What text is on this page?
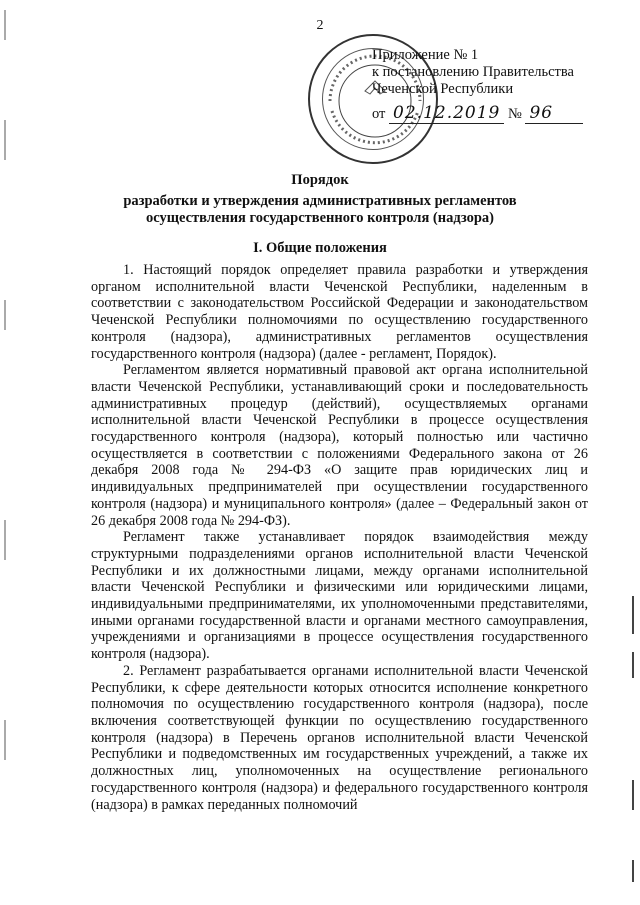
2
Приложение № 1
к постановлению Правительства
Чеченской Республики
от 02.12.2019 № 96
Порядок
разработки и утверждения административных регламентов
осуществления государственного контроля (надзора)
I. Общие положения

1. Настоящий порядок определяет правила разработки и утверждения органом исполнительной власти Чеченской Республики, наделенным в соответствии с законодательством Российской Федерации и законодательством Чеченской Республики полномочиями по осуществлению государственного контроля (надзора), административных регламентов осуществления государственного контроля (надзора) (далее - регламент, Порядок).

Регламентом является нормативный правовой акт органа исполнительной власти Чеченской Республики, устанавливающий сроки и последовательность административных процедур (действий), осуществляемых органами исполнительной власти Чеченской Республики в процессе осуществления государственного контроля (надзора), который полностью или частично осуществляется в соответствии с положениями Федерального закона от 26 декабря 2008 года № 294-ФЗ «О защите прав юридических лиц и индивидуальных предпринимателей при осуществлении государственного контроля (надзора) и муниципального контроля» (далее – Федеральный закон от 26 декабря 2008 года № 294-ФЗ).

Регламент также устанавливает порядок взаимодействия между структурными подразделениями органов исполнительной власти Чеченской Республики и их должностными лицами, между органами исполнительной власти Чеченской Республики и физическими или юридическими лицами, индивидуальными предпринимателями, их уполномоченными представителями, иными органами государственной власти и органами местного самоуправления, учреждениями и организациями в процессе осуществления государственного контроля (надзора).

2. Регламент разрабатывается органами исполнительной власти Чеченской Республики, к сфере деятельности которых относится исполнение конкретного полномочия по осуществлению государственного контроля (надзора), после включения соответствующей функции по осуществлению государственного контроля (надзора) в Перечень органов исполнительной власти Чеченской Республики и подведомственных им государственных учреждений, а также их должностных лиц, уполномоченных на осуществление регионального государственного контроля (надзора) и федерального государственного контроля (надзора) в рамках переданных полномочий
